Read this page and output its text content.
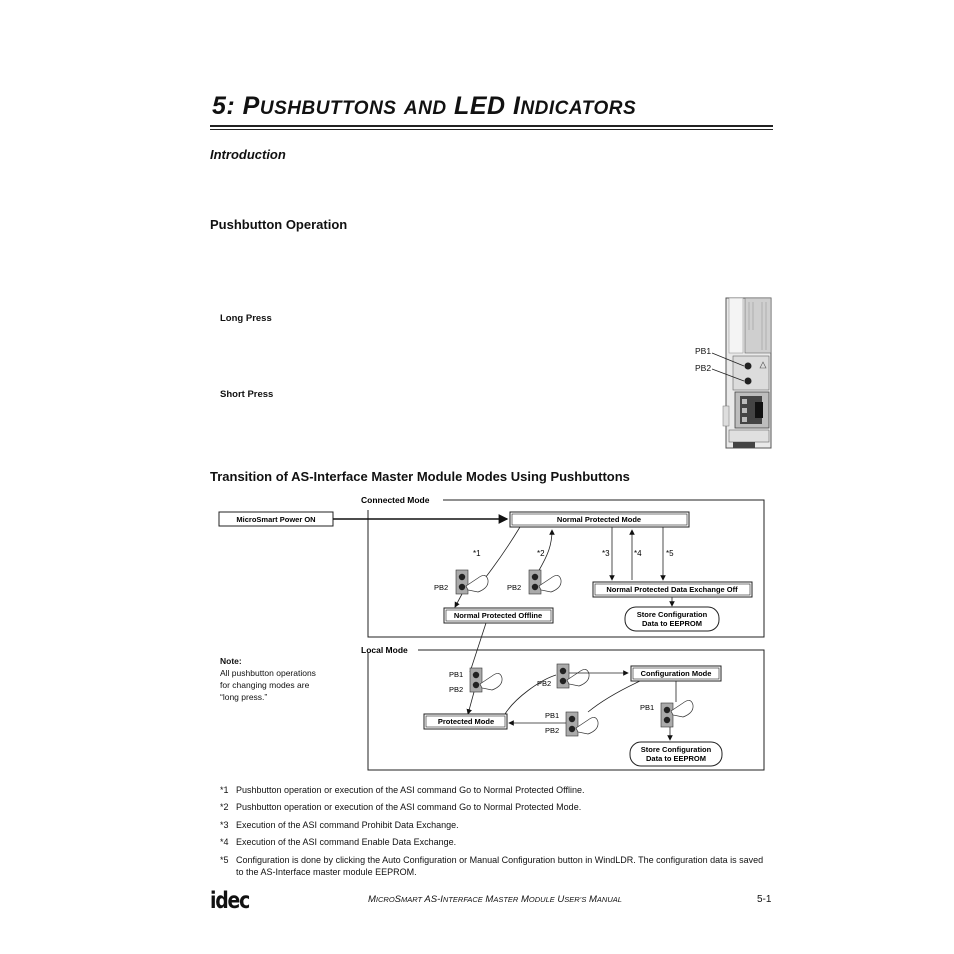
5: PUSHBUTTONS AND LED INDICATORS
Introduction
Pushbutton Operation
Long Press
Short Press
Transition of AS-Interface Master Module Modes Using Pushbuttons
PB1
PB2
Connected Mode
Local Mode
MicroSmart Power ON	Normal Protected Mode
*1	*2	*3	*4	*5
PB2	PB2
Normal Protected Offline
Normal Protected Data Exchange Off
Store Configuration
Data to EEPROM
PB1
PB2
PB2
PB1
PB2
Configuration Mode
PB1
Protected Mode
Store Configuration
Data to EEPROM
Note:
All pushbutton operations
for changing modes are
“long press.”
*1 Pushbutton operation or execution of the ASI command Go to Normal Protected Offline.
*2 Pushbutton operation or execution of the ASI command Go to Normal Protected Mode.
*3 Execution of the ASI command Prohibit Data Exchange.
*4 Execution of the ASI command Enable Data Exchange.
*5 Configuration is done by clicking the Auto Configuration or Manual Configuration button in WindLDR. The configuration data is saved to the AS-Interface master module EEPROM.
idec	MICROSMART AS-INTERFACE MASTER MODULE USER’S MANUAL	5-1
